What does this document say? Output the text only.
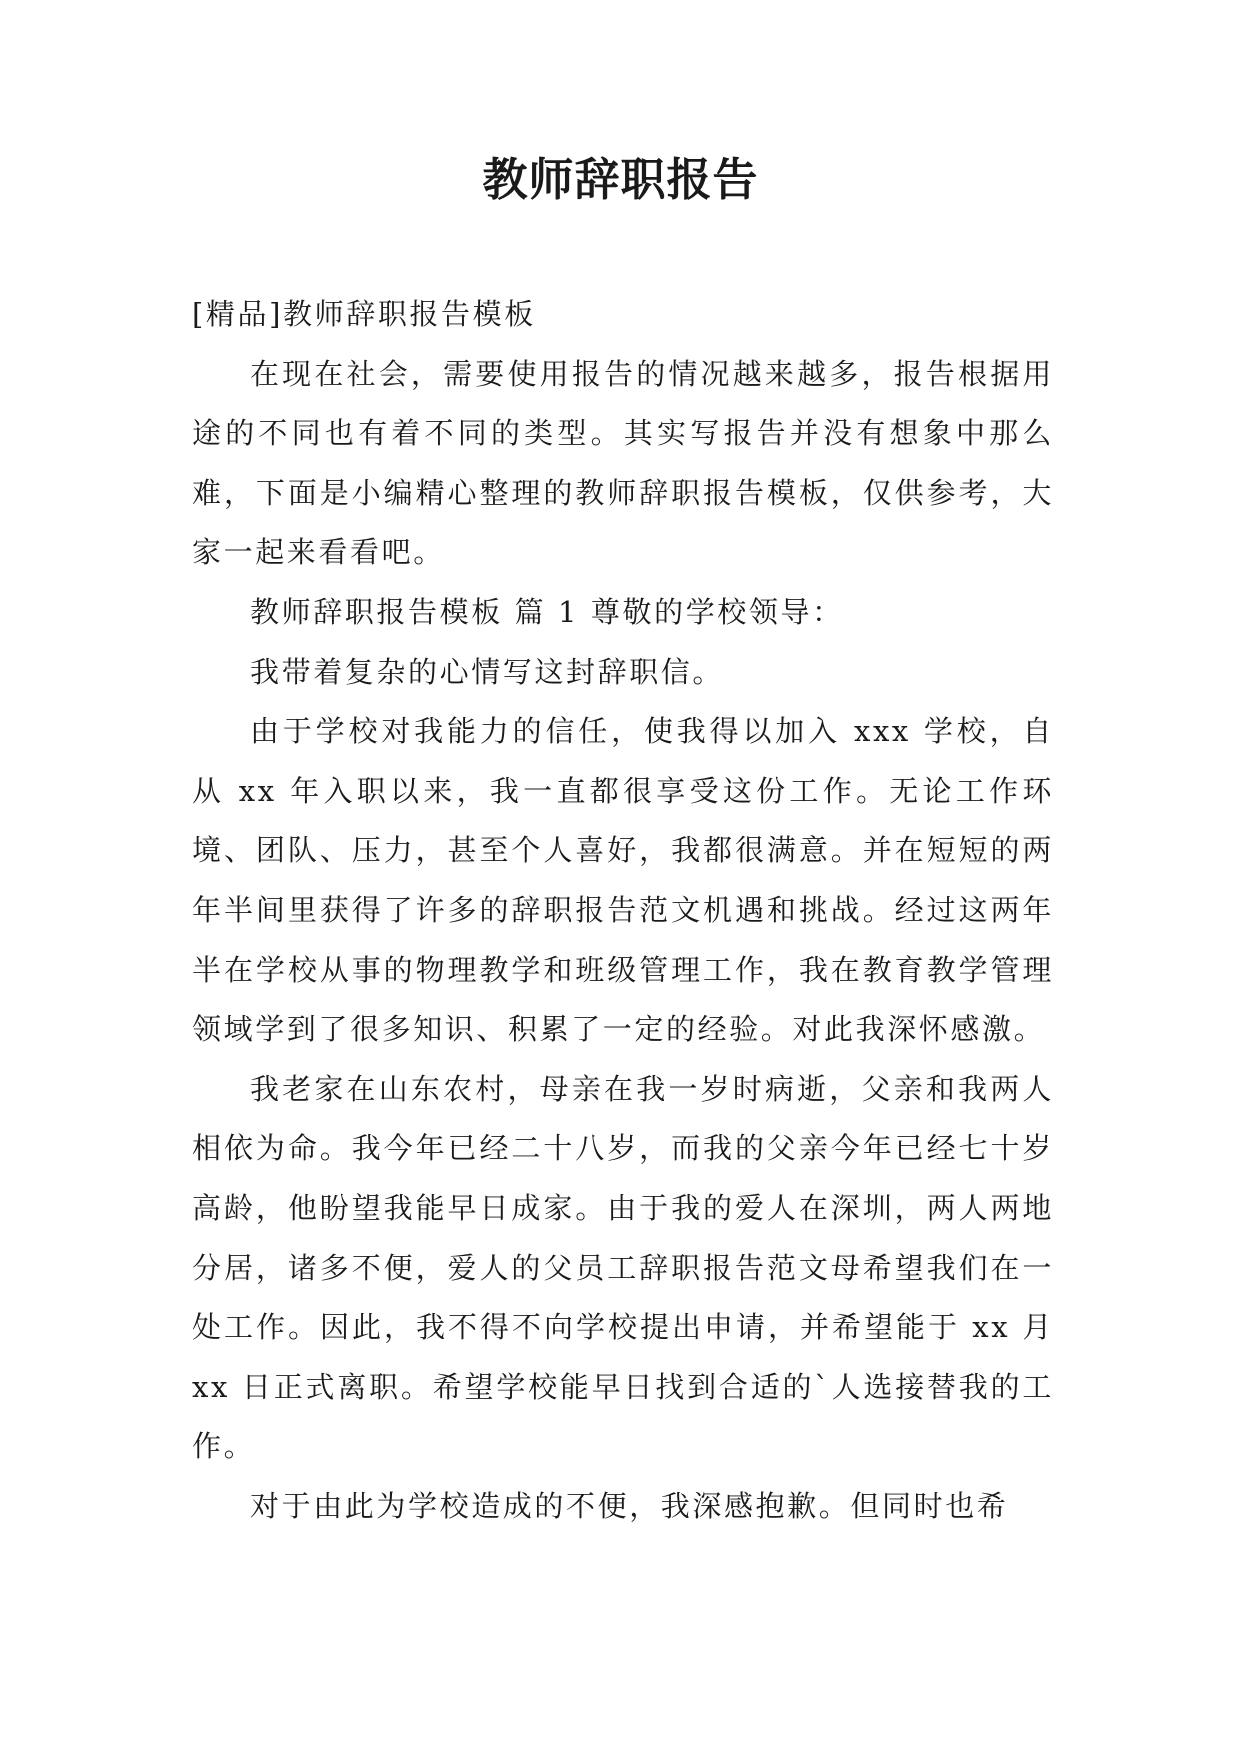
教师辞职报告

[精品]教师辞职报告模板

在现在社会，需要使用报告的情况越来越多，报告根据用途的不同也有着不同的类型。其实写报告并没有想象中那么难，下面是小编精心整理的教师辞职报告模板，仅供参考，大家一起来看看吧。

教师辞职报告模板 篇 1 尊敬的学校领导：

我带着复杂的心情写这封辞职信。

由于学校对我能力的信任，使我得以加入 xxx 学校，自从 xx 年入职以来，我一直都很享受这份工作。无论工作环境、团队、压力，甚至个人喜好，我都很满意。并在短短的两年半间里获得了许多的辞职报告范文机遇和挑战。经过这两年半在学校从事的物理教学和班级管理工作，我在教育教学管理领域学到了很多知识、积累了一定的经验。对此我深怀感激。

我老家在山东农村，母亲在我一岁时病逝，父亲和我两人相依为命。我今年已经二十八岁，而我的父亲今年已经七十岁高龄，他盼望我能早日成家。由于我的爱人在深圳，两人两地分居，诸多不便，爱人的父员工辞职报告范文母希望我们在一处工作。因此，我不得不向学校提出申请，并希望能于 xx 月 xx 日正式离职。希望学校能早日找到合适的`人选接替我的工作。

对于由此为学校造成的不便，我深感抱歉。但同时也希
